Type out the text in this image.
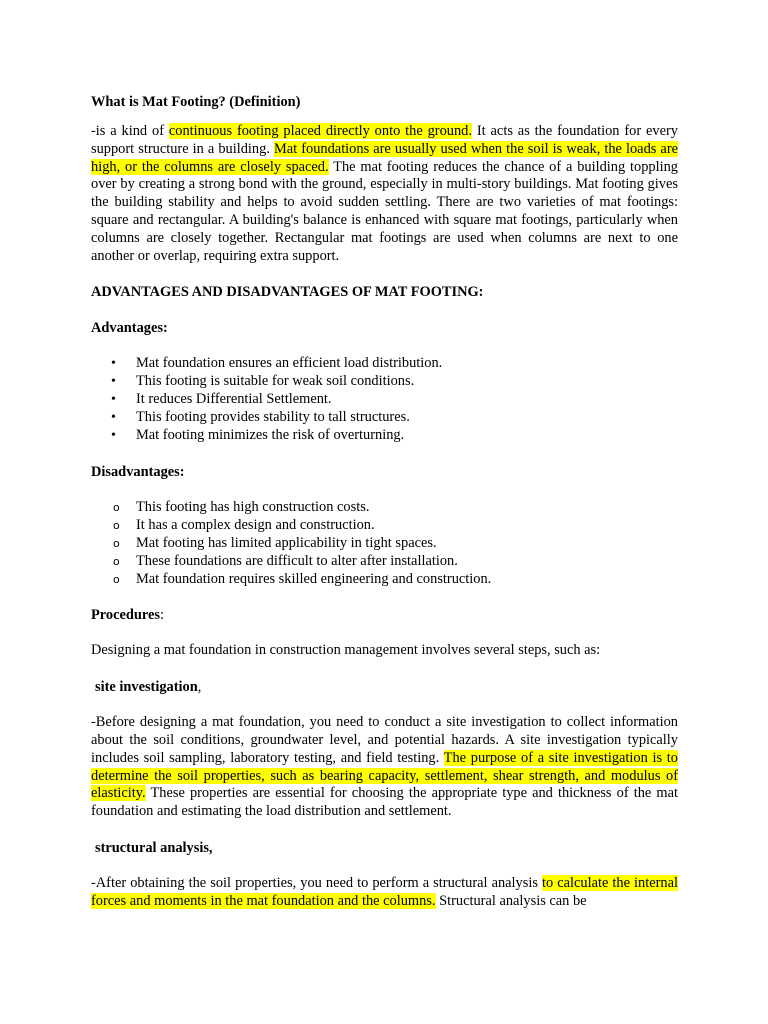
What is Mat Footing? (Definition)

-is a kind of continuous footing placed directly onto the ground. It acts as the foundation for every support structure in a building. Mat foundations are usually used when the soil is weak, the loads are high, or the columns are closely spaced. The mat footing reduces the chance of a building toppling over by creating a strong bond with the ground, especially in multi-story buildings. Mat footing gives the building stability and helps to avoid sudden settling. There are two varieties of mat footings: square and rectangular. A building's balance is enhanced with square mat footings, particularly when columns are closely together. Rectangular mat footings are used when columns are next to one another or overlap, requiring extra support.

ADVANTAGES AND DISADVANTAGES OF MAT FOOTING:

Advantages:

• Mat foundation ensures an efficient load distribution.
• This footing is suitable for weak soil conditions.
• It reduces Differential Settlement.
• This footing provides stability to tall structures.
• Mat footing minimizes the risk of overturning.

Disadvantages:

o This footing has high construction costs.
o It has a complex design and construction.
o Mat footing has limited applicability in tight spaces.
o These foundations are difficult to alter after installation.
o Mat foundation requires skilled engineering and construction.

Procedures:

Designing a mat foundation in construction management involves several steps, such as:

site investigation,

-Before designing a mat foundation, you need to conduct a site investigation to collect information about the soil conditions, groundwater level, and potential hazards. A site investigation typically includes soil sampling, laboratory testing, and field testing. The purpose of a site investigation is to determine the soil properties, such as bearing capacity, settlement, shear strength, and modulus of elasticity. These properties are essential for choosing the appropriate type and thickness of the mat foundation and estimating the load distribution and settlement.

structural analysis,

-After obtaining the soil properties, you need to perform a structural analysis to calculate the internal forces and moments in the mat foundation and the columns. Structural analysis can be
